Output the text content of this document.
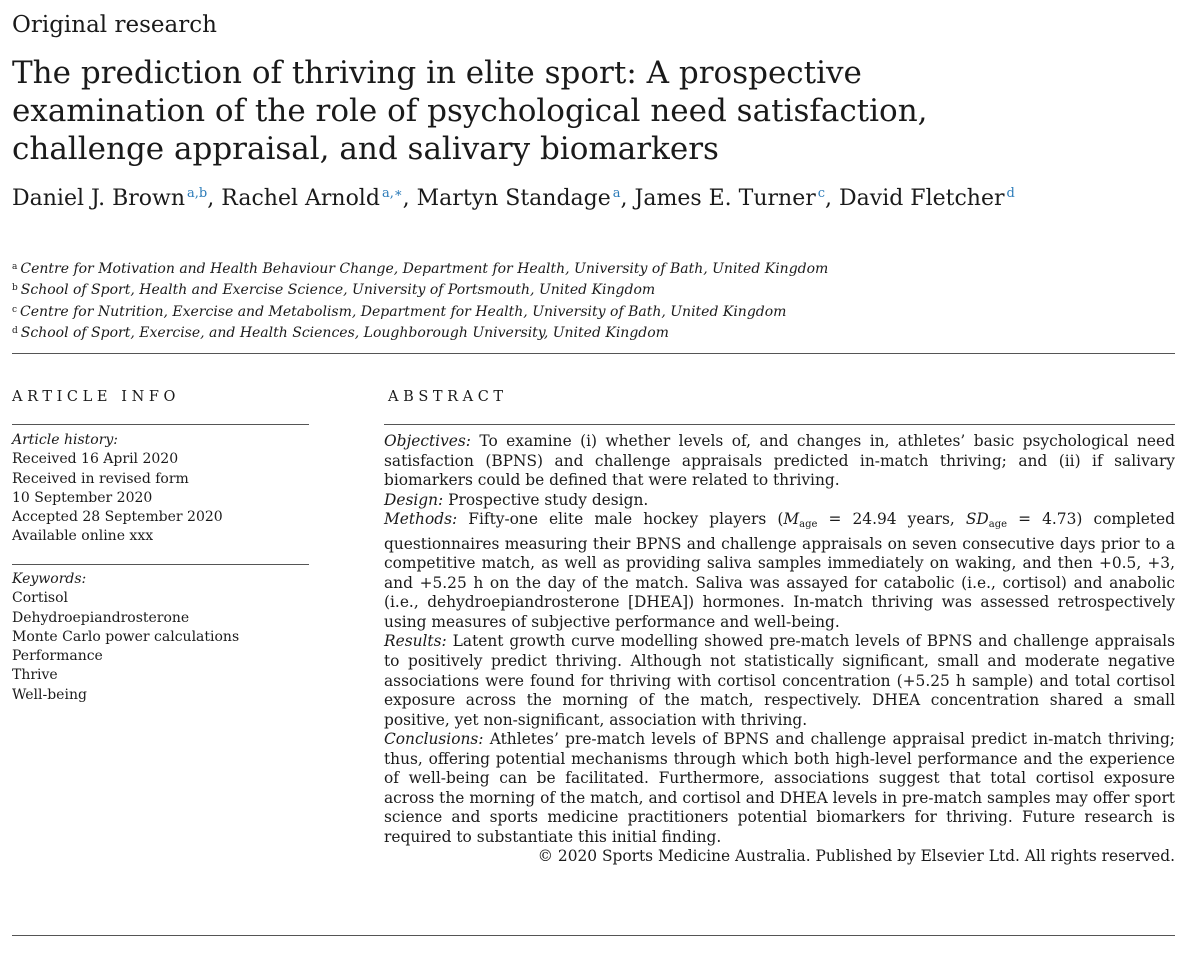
Original research
The prediction of thriving in elite sport: A prospective examination of the role of psychological need satisfaction, challenge appraisal, and salivary biomarkers
Daniel J. Brown $^{a,b}$, Rachel Arnold $^{a,∗}$, Martyn Standage $^a$, James E. Turner $^c$, David Fletcher $^d$
$^a$ Centre for Motivation and Health Behaviour Change, Department for Health, University of Bath, United Kingdom
$^b$ School of Sport, Health and Exercise Science, University of Portsmouth, United Kingdom
$^c$ Centre for Nutrition, Exercise and Metabolism, Department for Health, University of Bath, United Kingdom
$^d$ School of Sport, Exercise, and Health Sciences, Loughborough University, United Kingdom
ARTICLE INFO	ABSTRACT
Article history:
Received 16 April 2020
Received in revised form
10 September 2020
Accepted 28 September 2020
Available online xxx
Keywords:
Cortisol
Dehydroepiandrosterone
Monte Carlo power calculations
Performance
Thrive
Well-being

Objectives: To examine (i) whether levels of, and changes in, athletes’ basic psychological need satisfaction (BPNS) and challenge appraisals predicted in-match thriving; and (ii) if salivary biomarkers could be defined that were related to thriving.

Design: Prospective study design.

Methods: Fifty-one elite male hockey players ($M_{age} = 24.94$ years, $SD_{age} = 4.73$) completed questionnaires measuring their BPNS and challenge appraisals on seven consecutive days prior to a competitive match, as well as providing saliva samples immediately on waking, and then +0.5, +3, and +5.25 h on the day of the match. Saliva was assayed for catabolic (i.e., cortisol) and anabolic (i.e., dehydroepiandrosterone [DHEA]) hormones. In-match thriving was assessed retrospectively using measures of subjective performance and well-being.

Results: Latent growth curve modelling showed pre-match levels of BPNS and challenge appraisals to positively predict thriving. Although not statistically significant, small and moderate negative associations were found for thriving with cortisol concentration (+5.25 h sample) and total cortisol exposure across the morning of the match, respectively. DHEA concentration shared a small positive, yet non-significant, association with thriving.

Conclusions: Athletes’ pre-match levels of BPNS and challenge appraisal predict in-match thriving; thus, offering potential mechanisms through which both high-level performance and the experience of well-being can be facilitated. Furthermore, associations suggest that total cortisol exposure across the morning of the match, and cortisol and DHEA levels in pre-match samples may offer sport science and sports medicine practitioners potential biomarkers for thriving. Future research is required to substantiate this initial finding.

© 2020 Sports Medicine Australia. Published by Elsevier Ltd. All rights reserved.
